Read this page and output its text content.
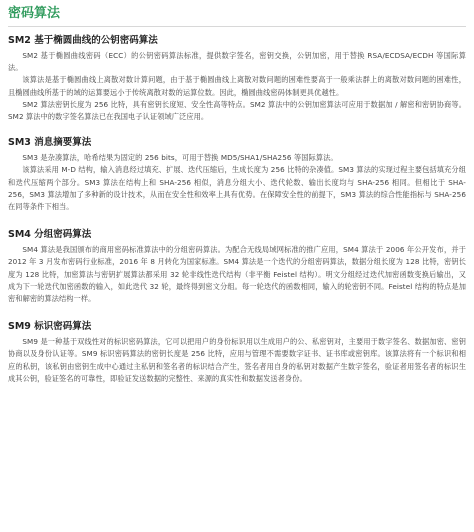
密码算法
SM2 基于椭圆曲线的公钥密码算法

SM2 基于椭圆曲线密码（ECC）的公钥密码算法标准，提供数字签名，密钥交换，公钥加密，用于替换 RSA/ECDSA/ECDH 等国际算法。

该算法是基于椭圆曲线上离散对数计算问题，由于基于椭圆曲线上离散对数问题的困难性要高于一般乘法群上的离散对数问题的困难性，且椭圆曲线所基于的域的运算要远小于传统离散对数的运算位数。因此，椭圆曲线密码体制更具优越性。

SM2 算法密钥长度为 256 比特，具有密钥长度短、安全性高等特点。SM2 算法中的公钥加密算法可应用于数据加 / 解密和密钥协商等。SM2 算法中的数字签名算法已在我国电子认证领域广泛应用。

SM3 消息摘要算法

SM3 是杂凑算法，哈希结果为固定的 256 bits，可用于替换 MD5/SHA1/SHA256 等国际算法。

该算法采用 M-D 结构，输入消息经过填充、扩展、迭代压缩后，生成长度为 256 比特的杂凑值。SM3 算法的实现过程主要包括填充分组和迭代压缩两个部分。SM3 算法在结构上和 SHA-256 相似，消息分组大小、迭代轮数、输出长度均与 SHA-256 相同。但相比于 SHA-256，SM3 算法增加了多种新的设计技术，从而在安全性和效率上具有优势。在保障安全性的前提下，SM3 算法的综合性能指标与 SHA-256 在同等条件下相当。

SM4 分组密码算法

SM4 算法是我国颁布的商用密码标准算法中的分组密码算法。为配合无线局域网标准的推广应用，SM4 算法于 2006 年公开发布，并于 2012 年 3 月发布密码行业标准，2016 年 8 月转化为国家标准。SM4 算法是一个迭代的分组密码算法，数据分组长度为 128 比特，密钥长度为 128 比特，加密算法与密钥扩展算法都采用 32 轮非线性迭代结构（非平衡 Feistel 结构）。明文分组经过迭代加密函数变换后输出，又成为下一轮迭代加密函数的输入，如此迭代 32 轮，最终得到密文分组。每一轮迭代的函数相同，输入的轮密钥不同。Feistel 结构的特点是加密和解密的算法结构一样。

SM9 标识密码算法

SM9 是一种基于双线性对的标识密码算法，它可以把用户的身份标识用以生成用户的公、私密钥对，主要用于数字签名、数据加密、密钥协商以及身份认证等。SM9 标识密码算法的密钥长度是 256 比特，应用与管理不需要数字证书、证书库或密钥库。该算法将有一个标识和相应的私钥，该私钥由密钥生成中心通过主私钥和签名者的标识结合产生，签名者用自身的私钥对数据产生数字签名，验证者用签名者的标识生成其公钥，验证签名的可靠性，即验证发送数据的完整性、来源的真实性和数据发送者身份。
